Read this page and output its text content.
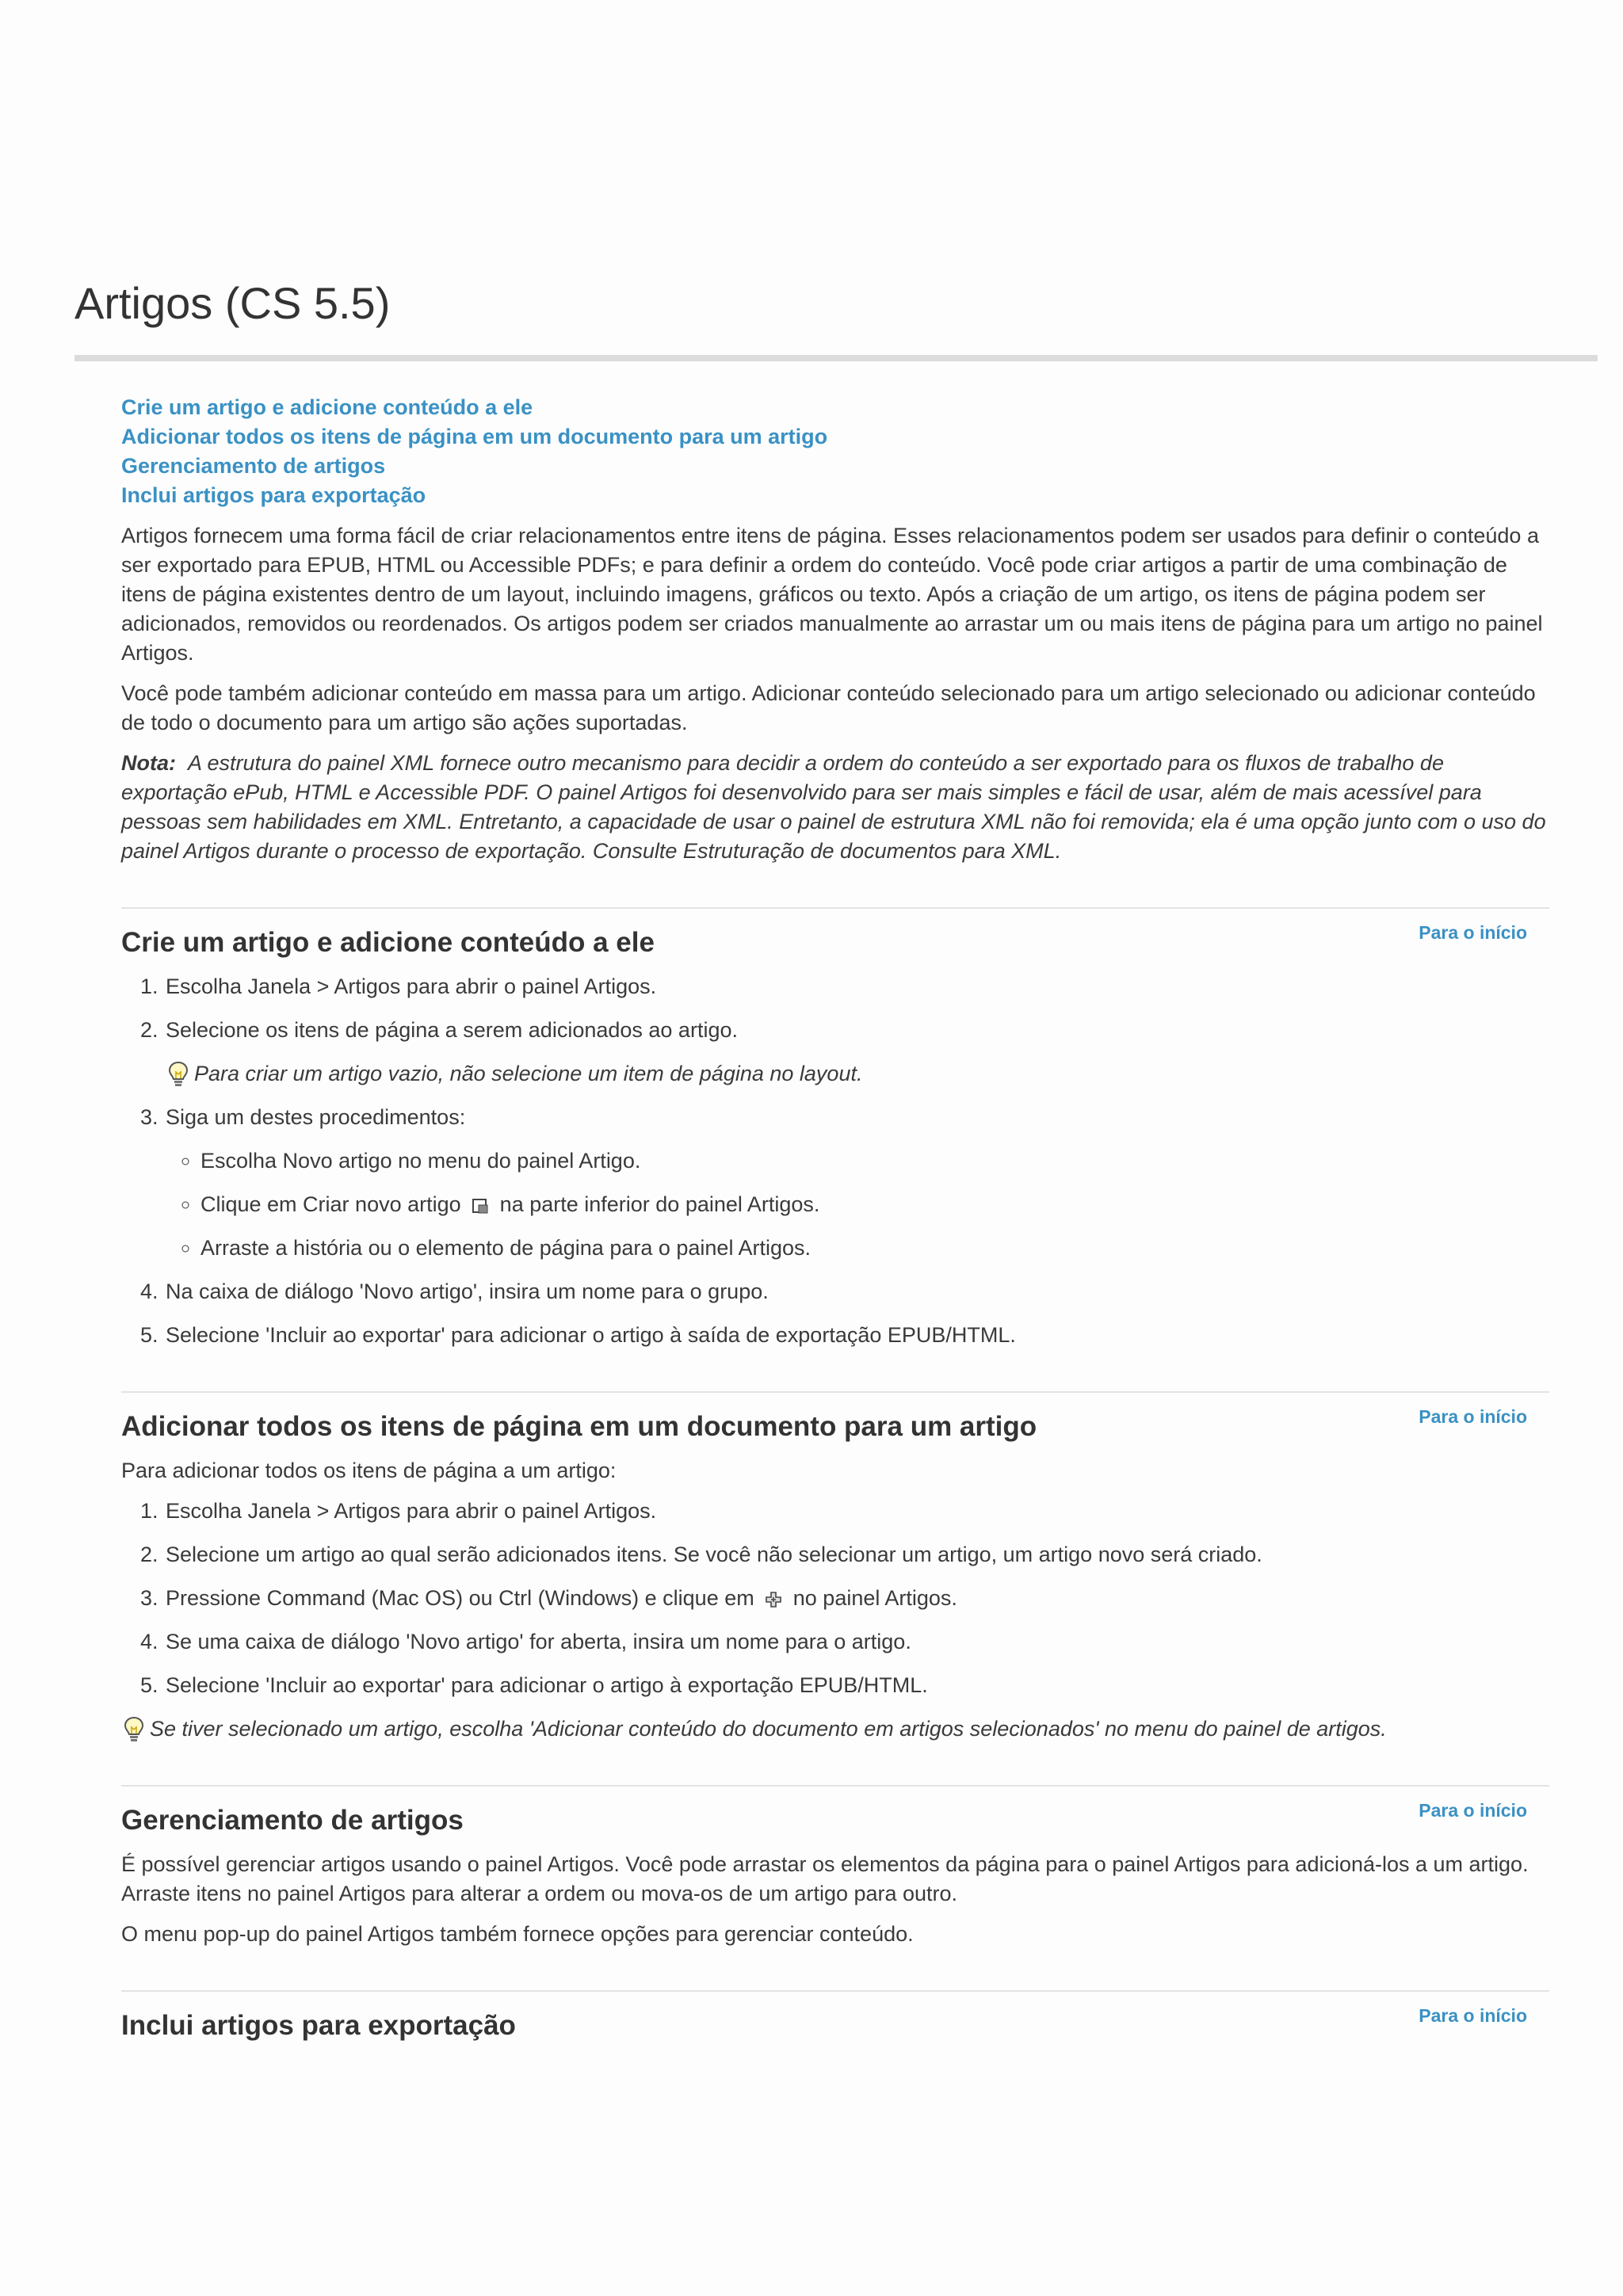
Artigos (CS 5.5)
Crie um artigo e adicione conteúdo a ele
Adicionar todos os itens de página em um documento para um artigo
Gerenciamento de artigos
Inclui artigos para exportação

Artigos fornecem uma forma fácil de criar relacionamentos entre itens de página. Esses relacionamentos podem ser usados para definir o conteúdo a ser exportado para EPUB, HTML ou Accessible PDFs; e para definir a ordem do conteúdo. Você pode criar artigos a partir de uma combinação de itens de página existentes dentro de um layout, incluindo imagens, gráficos ou texto. Após a criação de um artigo, os itens de página podem ser adicionados, removidos ou reordenados. Os artigos podem ser criados manualmente ao arrastar um ou mais itens de página para um artigo no painel Artigos.

Você pode também adicionar conteúdo em massa para um artigo. Adicionar conteúdo selecionado para um artigo selecionado ou adicionar conteúdo de todo o documento para um artigo são ações suportadas.

Nota: A estrutura do painel XML fornece outro mecanismo para decidir a ordem do conteúdo a ser exportado para os fluxos de trabalho de exportação ePub, HTML e Accessible PDF. O painel Artigos foi desenvolvido para ser mais simples e fácil de usar, além de mais acessível para pessoas sem habilidades em XML. Entretanto, a capacidade de usar o painel de estrutura XML não foi removida; ela é uma opção junto com o uso do painel Artigos durante o processo de exportação. Consulte Estruturação de documentos para XML.

Para o início
Crie um artigo e adicione conteúdo a ele
1. Escolha Janela > Artigos para abrir o painel Artigos.
2. Selecione os itens de página a serem adicionados ao artigo.
Para criar um artigo vazio, não selecione um item de página no layout.
3. Siga um destes procedimentos:
◦ Escolha Novo artigo no menu do painel Artigo.
◦ Clique em Criar novo artigo na parte inferior do painel Artigos.
◦ Arraste a história ou o elemento de página para o painel Artigos.
4. Na caixa de diálogo 'Novo artigo', insira um nome para o grupo.
5. Selecione 'Incluir ao exportar' para adicionar o artigo à saída de exportação EPUB/HTML.
Para o início
Adicionar todos os itens de página em um documento para um artigo

Para adicionar todos os itens de página a um artigo:

1. Escolha Janela > Artigos para abrir o painel Artigos.
2. Selecione um artigo ao qual serão adicionados itens. Se você não selecionar um artigo, um artigo novo será criado.
3. Pressione Command (Mac OS) ou Ctrl (Windows) e clique em no painel Artigos.
4. Se uma caixa de diálogo 'Novo artigo' for aberta, insira um nome para o artigo.
5. Selecione 'Incluir ao exportar' para adicionar o artigo à exportação EPUB/HTML.
Se tiver selecionado um artigo, escolha 'Adicionar conteúdo do documento em artigos selecionados' no menu do painel de artigos.
Para o início
Gerenciamento de artigos

É possível gerenciar artigos usando o painel Artigos. Você pode arrastar os elementos da página para o painel Artigos para adicioná-los a um artigo. Arraste itens no painel Artigos para alterar a ordem ou mova-os de um artigo para outro.

O menu pop-up do painel Artigos também fornece opções para gerenciar conteúdo.

Para o início
Inclui artigos para exportação
